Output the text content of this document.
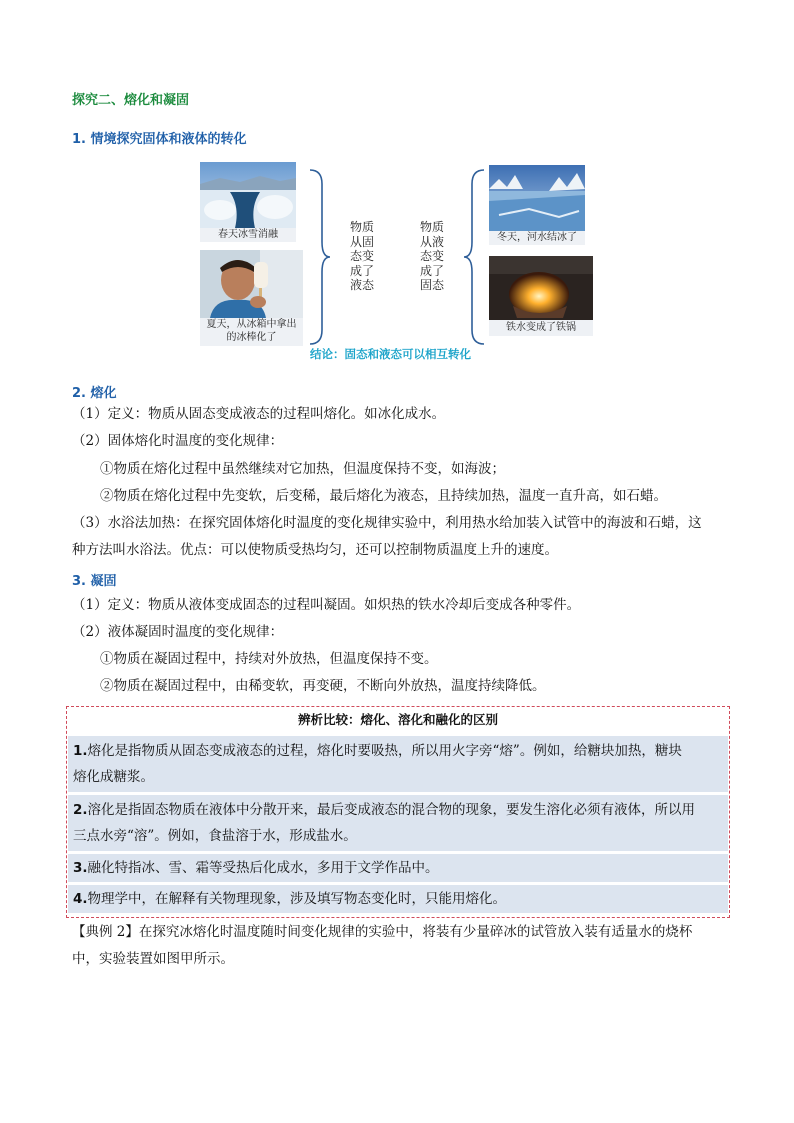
探究二、熔化和凝固
1. 情境探究固体和液体的转化
春天冰雪消融
夏天，从冰箱中拿出
的冰棒化了
物质
从固
态变
成了
液态
物质
从液
态变
成了
固态
冬天，河水结冰了
铁水变成了铁锅
结论：固态和液态可以相互转化
2. 熔化
（1）定义：物质从固态变成液态的过程叫熔化。如冰化成水。
（2）固体熔化时温度的变化规律：
①物质在熔化过程中虽然继续对它加热，但温度保持不变，如海波；
②物质在熔化过程中先变软，后变稀，最后熔化为液态，且持续加热，温度一直升高，如石蜡。
（3）水浴法加热：在探究固体熔化时温度的变化规律实验中，利用热水给加装入试管中的海波和石蜡，这
种方法叫水浴法。优点：可以使物质受热均匀，还可以控制物质温度上升的速度。
3. 凝固
（1）定义：物质从液体变成固态的过程叫凝固。如炽热的铁水冷却后变成各种零件。
（2）液体凝固时温度的变化规律：
①物质在凝固过程中，持续对外放热，但温度保持不变。
②物质在凝固过程中，由稀变软，再变硬，不断向外放热，温度持续降低。
辨析比较：熔化、溶化和融化的区别
1.熔化是指物质从固态变成液态的过程，熔化时要吸热，所以用火字旁“熔”。例如，给糖块加热，糖块
熔化成糖浆。
2.溶化是指固态物质在液体中分散开来，最后变成液态的混合物的现象，要发生溶化必须有液体，所以用
三点水旁“溶”。例如，食盐溶于水，形成盐水。
3.融化特指冰、雪、霜等受热后化成水，多用于文学作品中。
4.物理学中，在解释有关物理现象，涉及填写物态变化时，只能用熔化。
【典例 2】在探究冰熔化时温度随时间变化规律的实验中，将装有少量碎冰的试管放入装有适量水的烧杯
中，实验装置如图甲所示。
